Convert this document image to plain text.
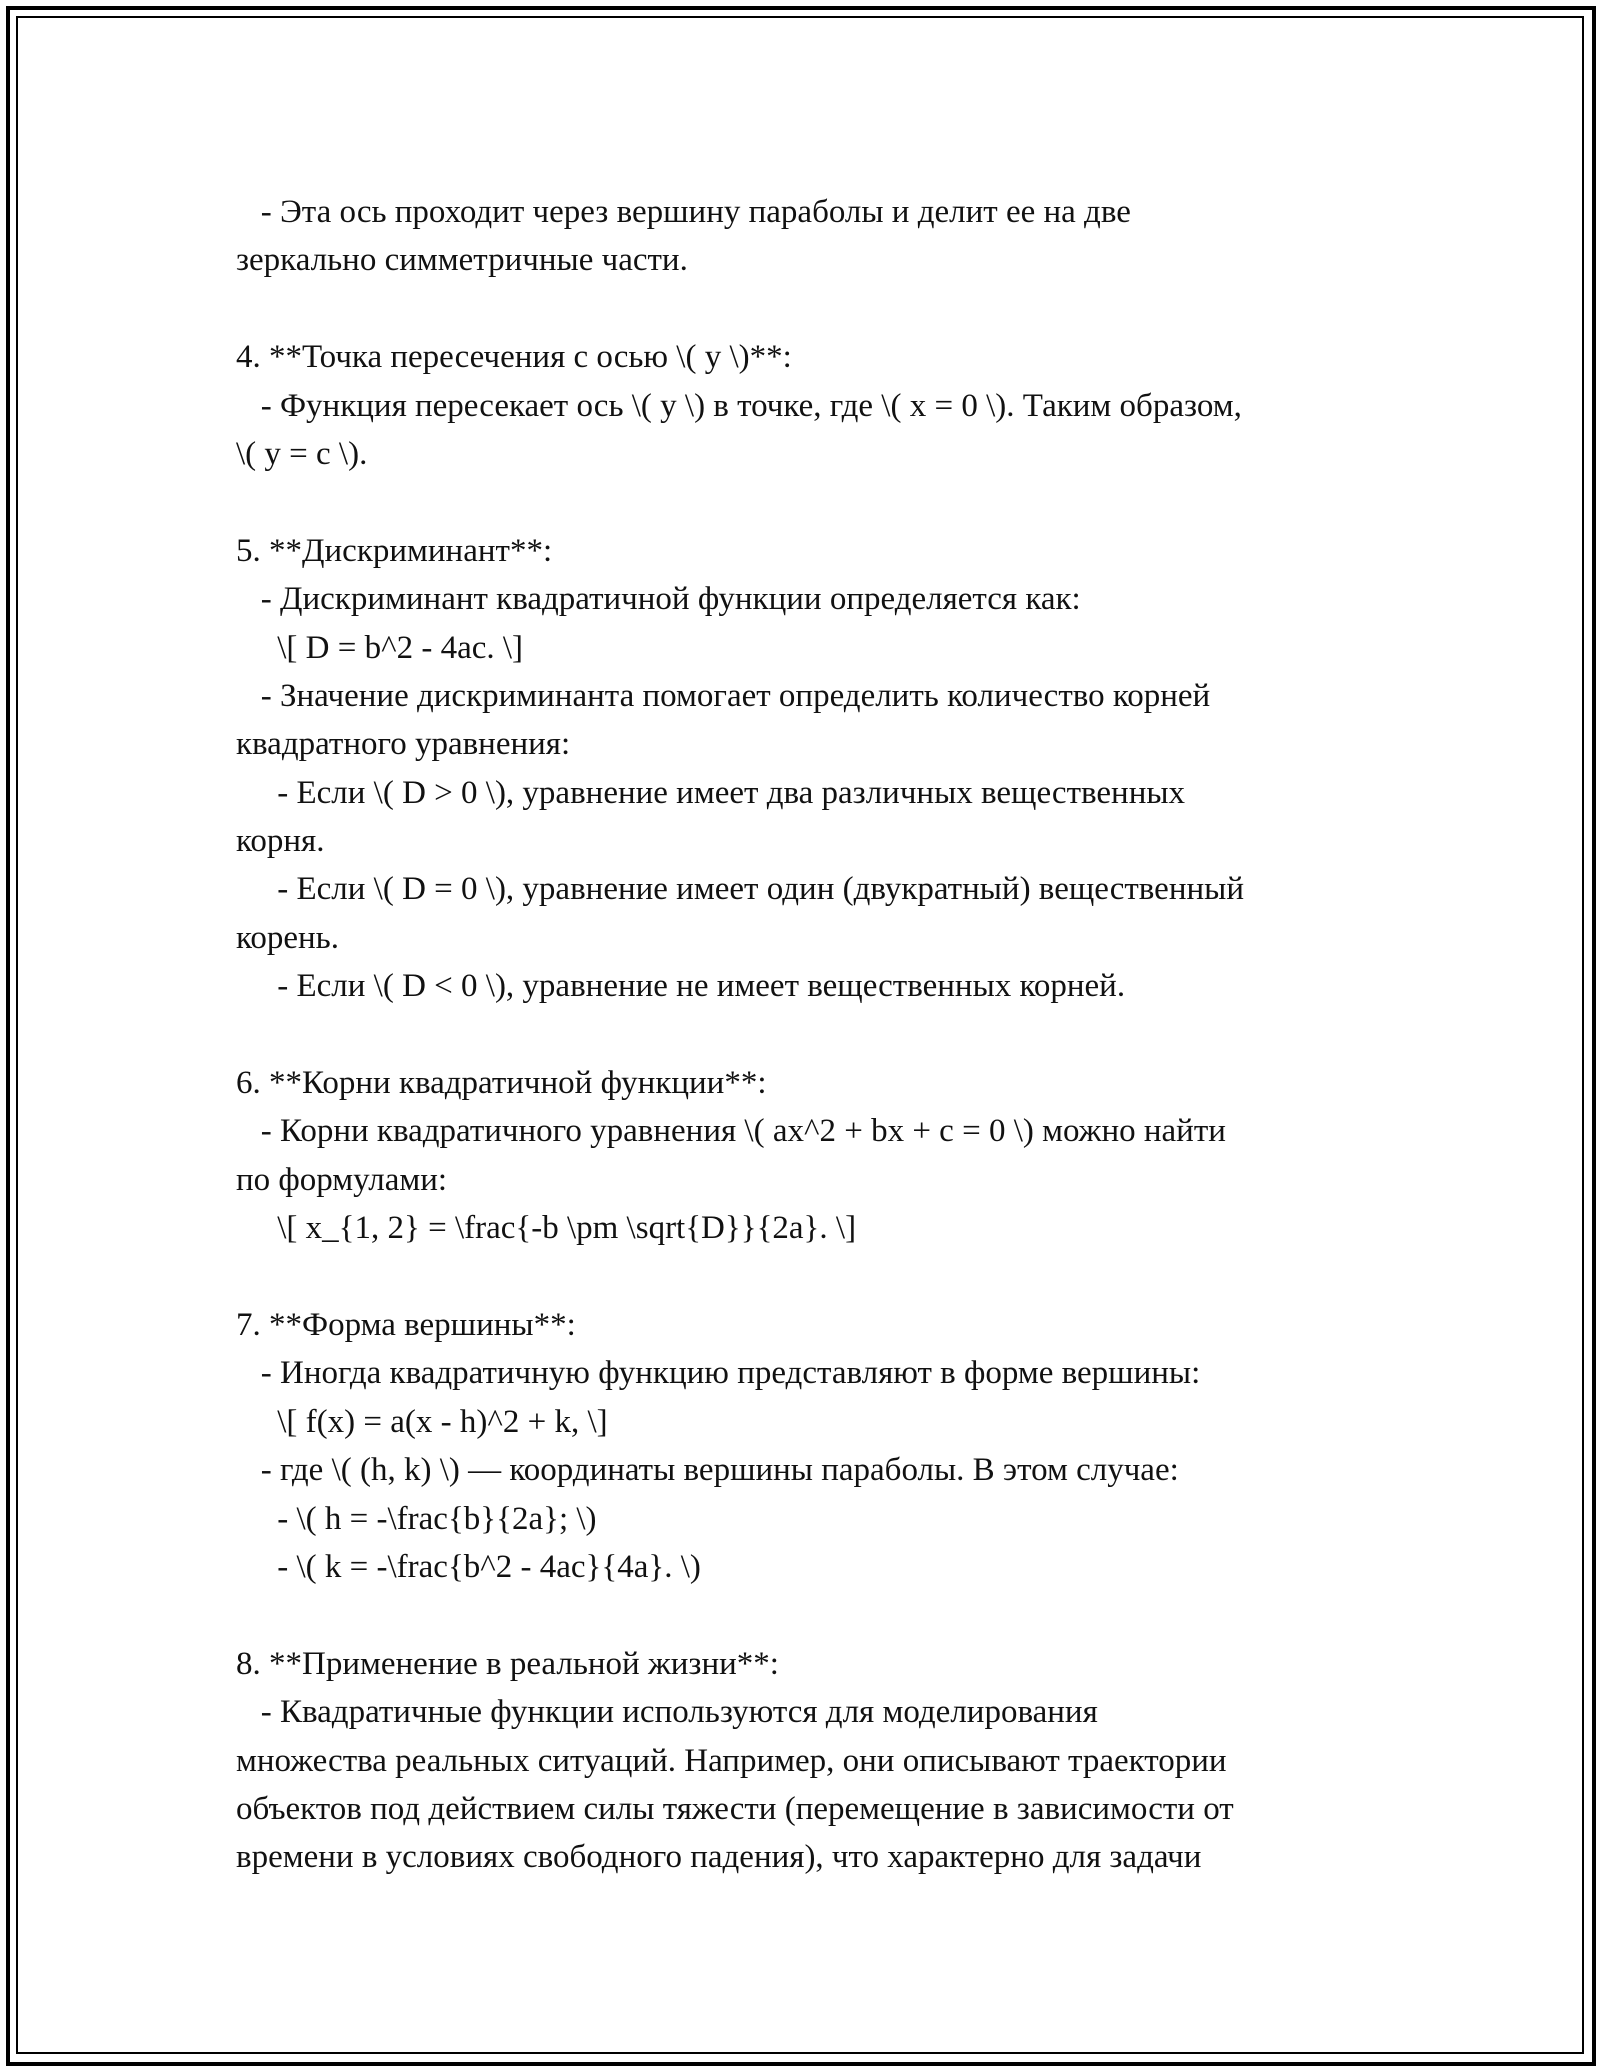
- Эта ось проходит через вершину параболы и делит ее на две
зеркально симметричные части.
4. **Точка пересечения с осью \( y \)**:
- Функция пересекает ось \( y \) в точке, где \( x = 0 \). Таким образом,
\( y = c \).
5. **Дискриминант**:
- Дискриминант квадратичной функции определяется как:
\[ D = b^2 - 4ac. \]
- Значение дискриминанта помогает определить количество корней
квадратного уравнения:
- Если \( D > 0 \), уравнение имеет два различных вещественных
корня.
- Если \( D = 0 \), уравнение имеет один (двукратный) вещественный
корень.
- Если \( D < 0 \), уравнение не имеет вещественных корней.
6. **Корни квадратичной функции**:
- Корни квадратичного уравнения \( ax^2 + bx + c = 0 \) можно найти
по формулами:
\[ x_{1, 2} = \frac{-b \pm \sqrt{D}}{2a}. \]
7. **Форма вершины**:
- Иногда квадратичную функцию представляют в форме вершины:
\[ f(x) = a(x - h)^2 + k, \]
- где \( (h, k) \) — координаты вершины параболы. В этом случае:
- \( h = -\frac{b}{2a}; \)
- \( k = -\frac{b^2 - 4ac}{4a}. \)
8. **Применение в реальной жизни**:
- Квадратичные функции используются для моделирования
множества реальных ситуаций. Например, они описывают траектории
объектов под действием силы тяжести (перемещение в зависимости от
времени в условиях свободного падения), что характерно для задачи
